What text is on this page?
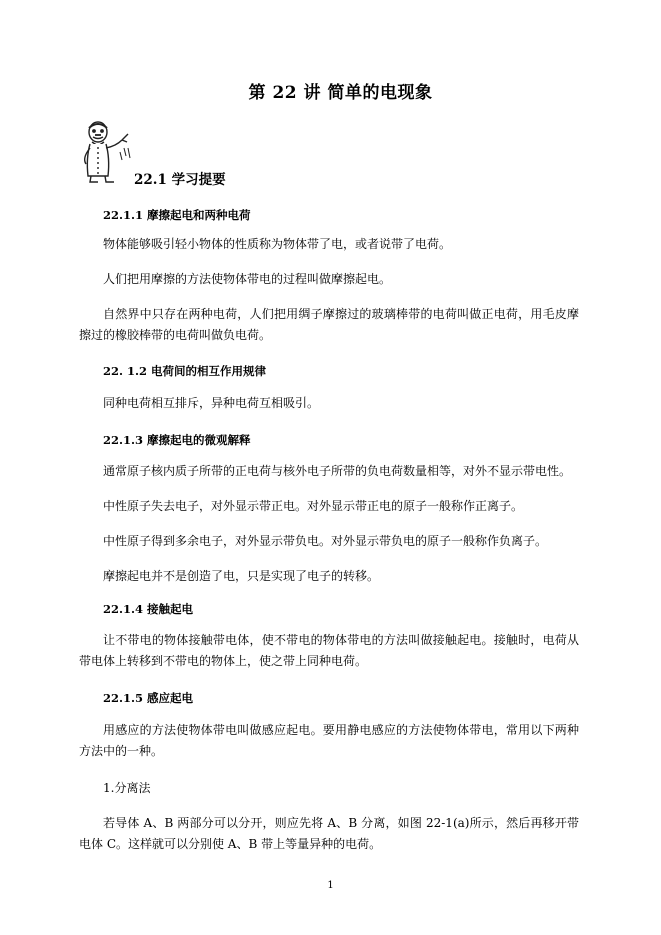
第 22 讲 简单的电现象
22.1 学习提要
22.1.1 摩擦起电和两种电荷
物体能够吸引轻小物体的性质称为物体带了电，或者说带了电荷。
人们把用摩擦的方法使物体带电的过程叫做摩擦起电。
自然界中只存在两种电荷，人们把用绸子摩擦过的玻璃棒带的电荷叫做正电荷，用毛皮摩擦过的橡胶棒带的电荷叫做负电荷。
22. 1.2 电荷间的相互作用规律
同种电荷相互排斥，异种电荷互相吸引。
22.1.3 摩擦起电的微观解释
通常原子核内质子所带的正电荷与核外电子所带的负电荷数量相等，对外不显示带电性。
中性原子失去电子，对外显示带正电。对外显示带正电的原子一般称作正离子。
中性原子得到多余电子，对外显示带负电。对外显示带负电的原子一般称作负离子。
摩擦起电并不是创造了电，只是实现了电子的转移。
22.1.4 接触起电
让不带电的物体接触带电体，使不带电的物体带电的方法叫做接触起电。接触时，电荷从带电体上转移到不带电的物体上，使之带上同种电荷。
22.1.5 感应起电
用感应的方法使物体带电叫做感应起电。要用静电感应的方法使物体带电，常用以下两种方法中的一种。
1.分离法
若导体 A、B 两部分可以分开，则应先将 A、B 分离，如图 22-1(a)所示，然后再移开带电体 C。这样就可以分别使 A、B 带上等量异种的电荷。
1
